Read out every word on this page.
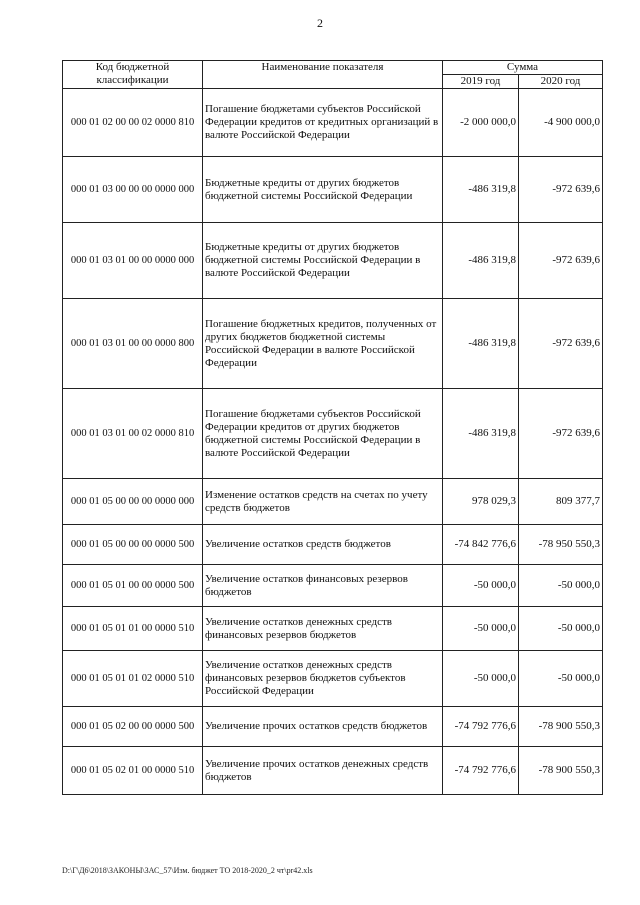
2
Код бюджетной классификации	Наименование показателя	Сумма	
		2019 год	2020 год
000 01 02 00 00 02 0000 810	Погашение бюджетами субъектов Российской Федерации кредитов от кредитных организаций в валюте Российской Федерации	-2 000 000,0	-4 900 000,0
000 01 03 00 00 00 0000 000	Бюджетные кредиты от других бюджетов бюджетной системы Российской Федерации	-486 319,8	-972 639,6
000 01 03 01 00 00 0000 000	Бюджетные кредиты от других бюджетов бюджетной системы Российской Федерации в валюте Российской Федерации	-486 319,8	-972 639,6
000 01 03 01 00 00 0000 800	Погашение бюджетных кредитов, полученных от других бюджетов бюджетной системы Российской Федерации в валюте Российской Федерации	-486 319,8	-972 639,6
000 01 03 01 00 02 0000 810	Погашение бюджетами субъектов Российской Федерации кредитов от других бюджетов бюджетной системы Российской Федерации в валюте Российской Федерации	-486 319,8	-972 639,6
000 01 05 00 00 00 0000 000	Изменение остатков средств на счетах по учету средств бюджетов	978 029,3	809 377,7
000 01 05 00 00 00 0000 500	Увеличение остатков средств бюджетов	-74 842 776,6	-78 950 550,3
000 01 05 01 00 00 0000 500	Увеличение остатков финансовых резервов бюджетов	-50 000,0	-50 000,0
000 01 05 01 01 00 0000 510	Увеличение остатков денежных средств финансовых резервов бюджетов	-50 000,0	-50 000,0
000 01 05 01 01 02 0000 510	Увеличение остатков денежных средств финансовых резервов бюджетов субъектов Российской Федерации	-50 000,0	-50 000,0
000 01 05 02 00 00 0000 500	Увеличение прочих остатков средств бюджетов	-74 792 776,6	-78 900 550,3
000 01 05 02 01 00 0000 510	Увеличение прочих остатков денежных средств бюджетов	-74 792 776,6	-78 900 550,3
D:\Г\Д6\2018\ЗАКОНЫ\ЗАС_57\Изм. бюджет ТО 2018-2020_2 чт\pr42.xls
